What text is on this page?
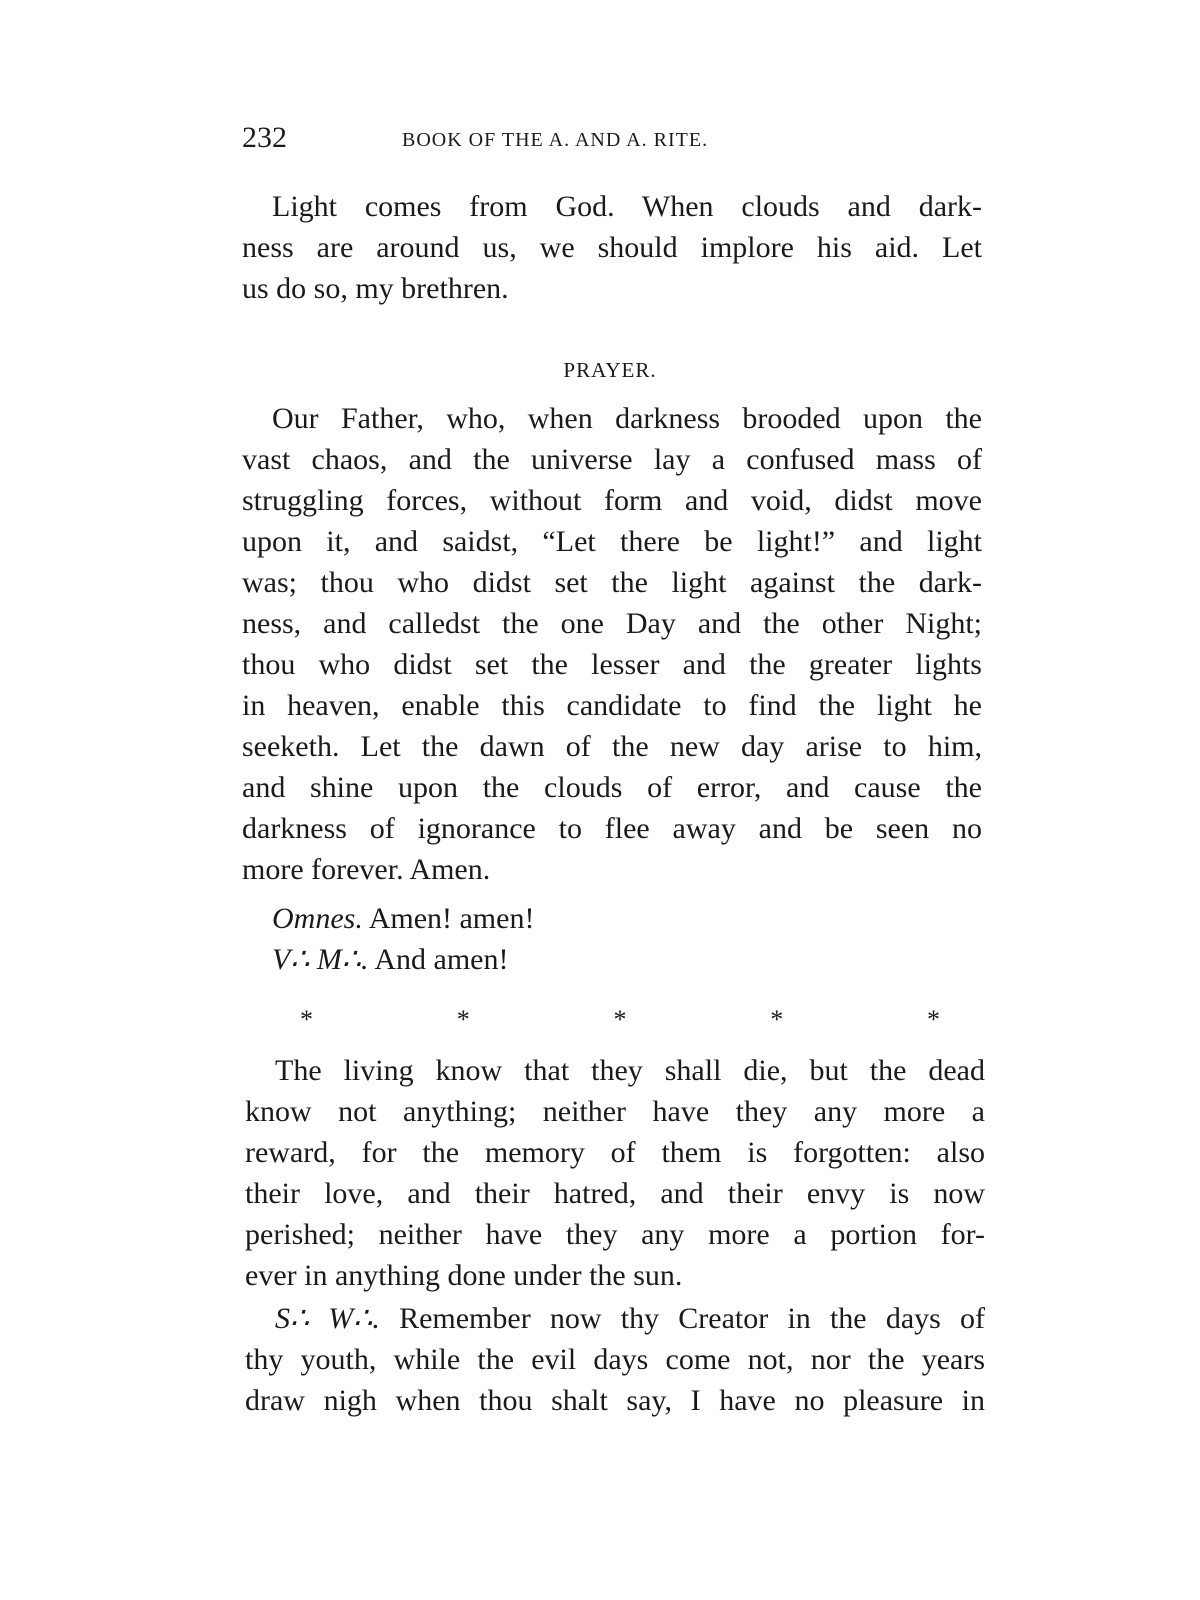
232	BOOK OF THE A. AND A. RITE.
Light comes from God. When clouds and dark-
ness are around us, we should implore his aid. Let
us do so, my brethren.
PRAYER.
Our Father, who, when darkness brooded upon the
vast chaos, and the universe lay a confused mass of
struggling forces, without form and void, didst move
upon it, and saidst, “Let there be light!” and light
was; thou who didst set the light against the dark-
ness, and calledst the one Day and the other Night;
thou who didst set the lesser and the greater lights
in heaven, enable this candidate to find the light he
seeketh. Let the dawn of the new day arise to him,
and shine upon the clouds of error, and cause the
darkness of ignorance to flee away and be seen no
more forever. Amen.
Omnes. Amen! amen!
V∴ M∴. And amen!
*	*	*	*	*
The living know that they shall die, but the dead
know not anything; neither have they any more a
reward, for the memory of them is forgotten: also
their love, and their hatred, and their envy is now
perished; neither have they any more a portion for-
ever in anything done under the sun.
S∴ W∴. Remember now thy Creator in the days of
thy youth, while the evil days come not, nor the years
draw nigh when thou shalt say, I have no pleasure in
